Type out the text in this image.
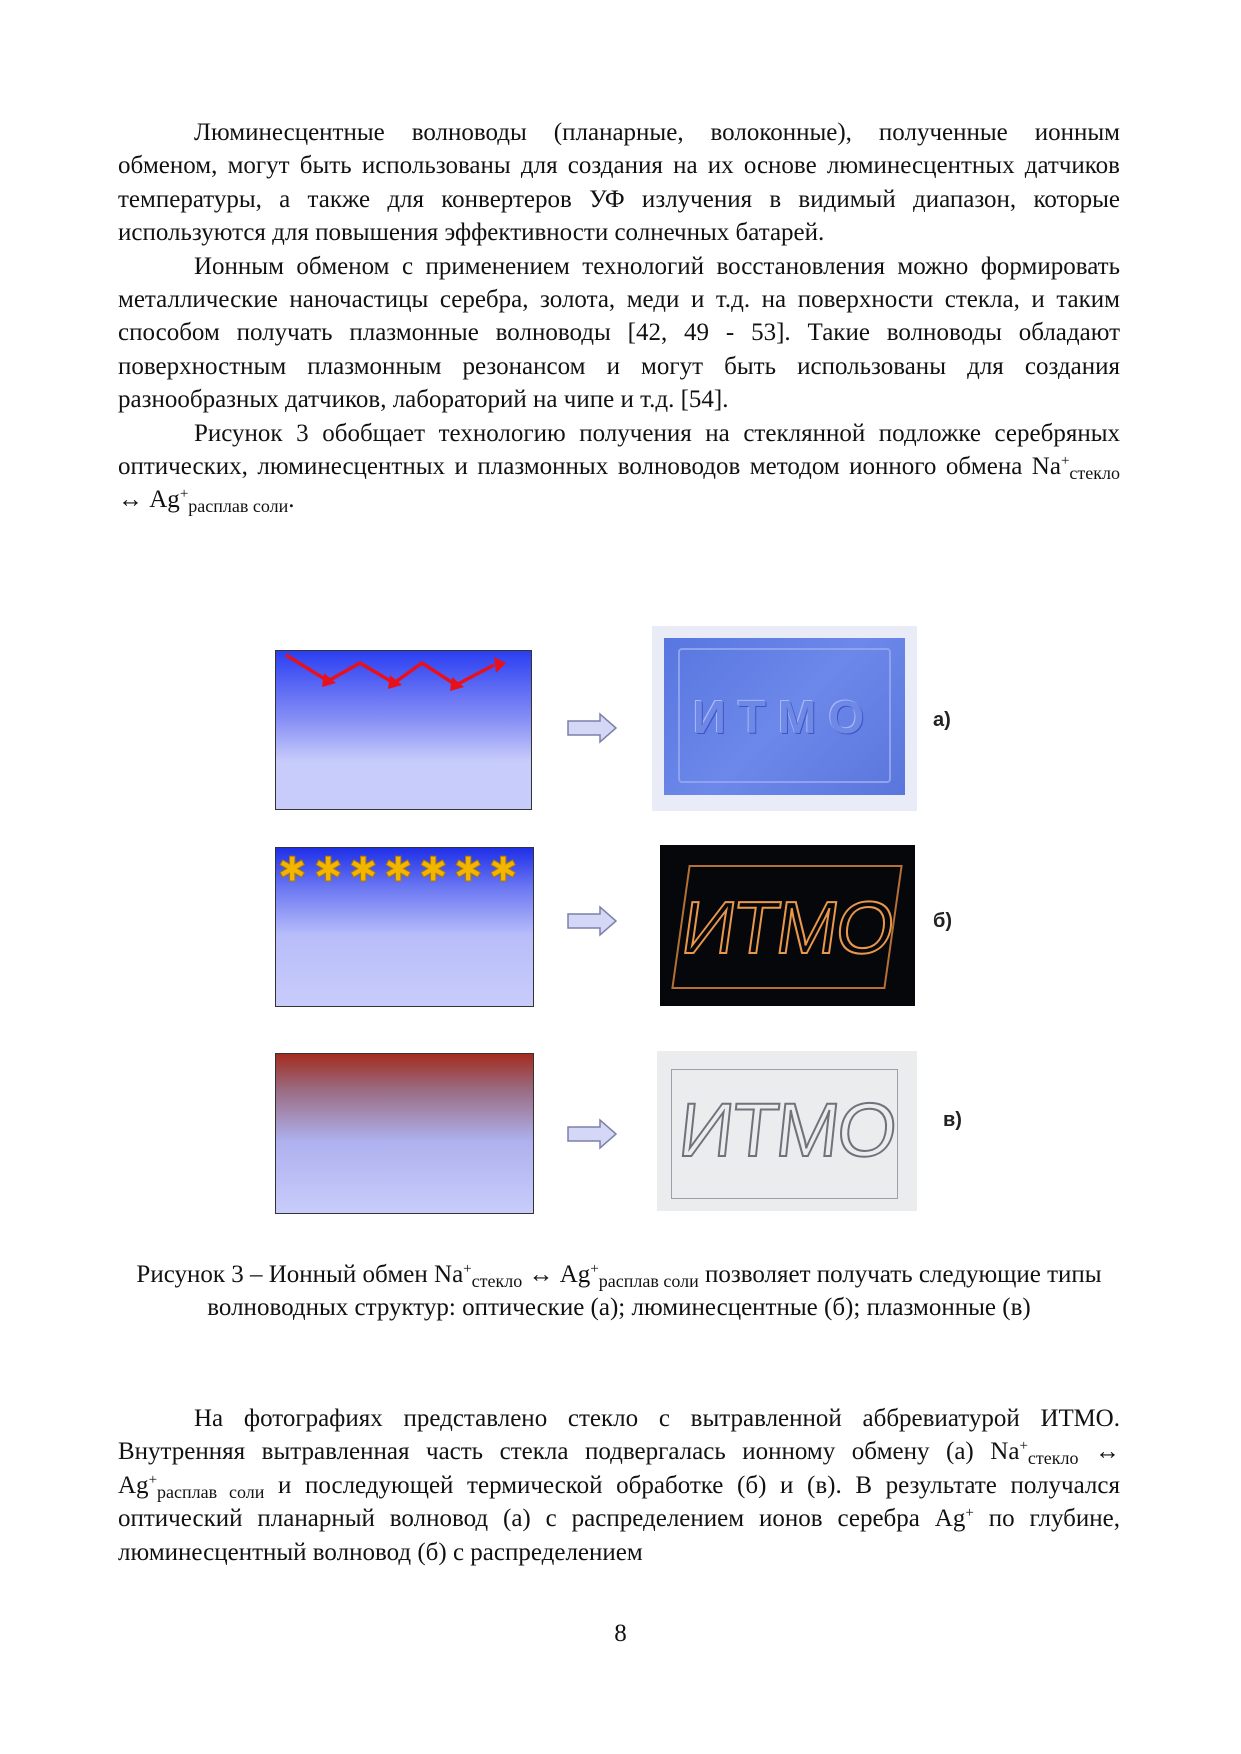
Люминесцентные волноводы (планарные, волоконные), полученные ионным обменом, могут быть использованы для создания на их основе люминесцентных датчиков температуры, а также для конвертеров УФ излучения в видимый диапазон, которые используются для повышения эффективности солнечных батарей.

Ионным обменом с применением технологий восстановления можно формировать металлические наночастицы серебра, золота, меди и т.д. на поверхности стекла, и таким способом получать плазмонные волноводы [42, 49 - 53]. Такие волноводы обладают поверхностным плазмонным резонансом и могут быть использованы для создания разнообразных датчиков, лабораторий на чипе и т.д. [54].

Рисунок 3 обобщает технологию получения на стеклянной подложке серебряных оптических, люминесцентных и плазмонных волноводов методом ионного обмена $Na^+_{стекло}$ ↔ $Ag^+_{расплав соли}$.

ИТМО	а)
✱ ✱ ✱ ✱ ✱ ✱ ✱
ИТМО	б)
ИТМО	в)
Рисунок 3 – Ионный обмен $Na^+_{стекло}$ ↔ $Ag^+_{расплав соли}$ позволяет получать следующие типы волноводных структур: оптические (а); люминесцентные (б); плазмонные (в)

На фотографиях представлено стекло с вытравленной аббревиатурой ИТМО. Внутренняя вытравленная часть стекла подвергалась ионному обмену (а) $Na^+_{стекло}$ ↔ $Ag^+_{расплав соли}$ и последующей термической обработке (б) и (в). В результате получался оптический планарный волновод (а) с распределением ионов серебра Ag+ по глубине, люминесцентный волновод (б) с распределением

8
